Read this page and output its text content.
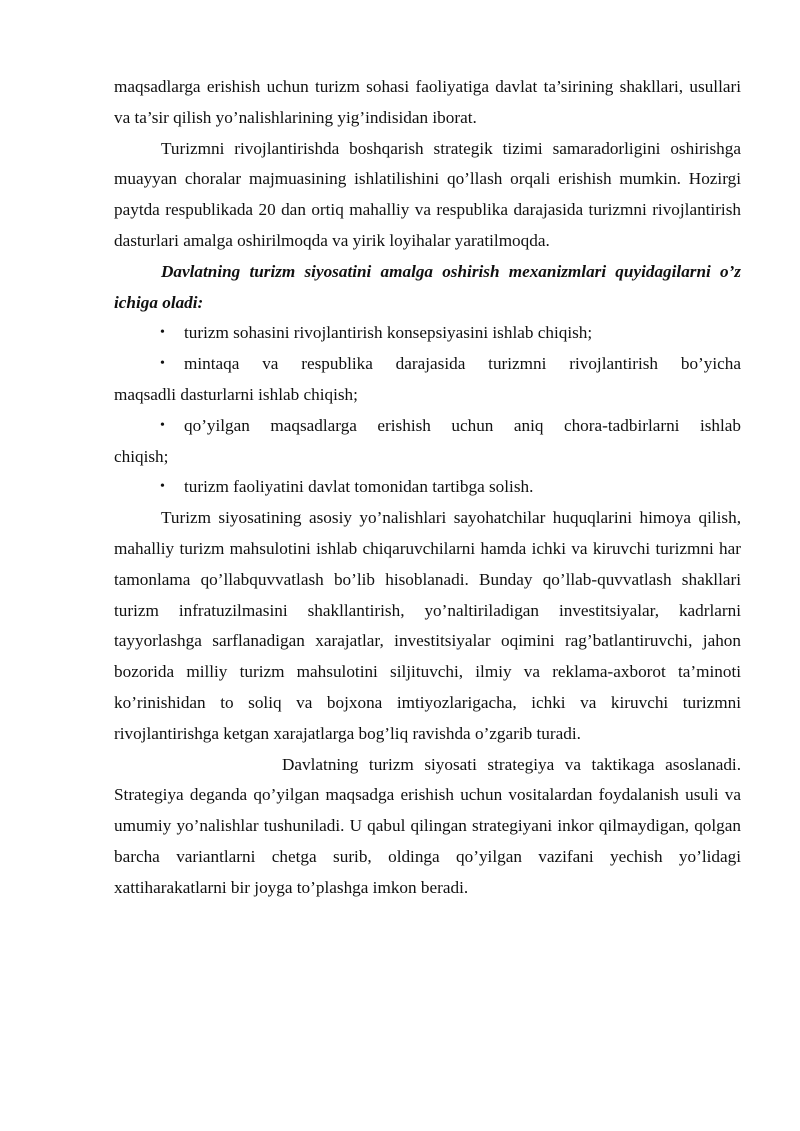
maqsadlarga erishish uchun turizm sohasi faoliyatiga davlat ta’sirining shakllari, usullari va ta’sir qilish yo’nalishlarining yig’indisidan iborat.

Turizmni rivojlantirishda boshqarish strategik tizimi samaradorligini oshirishga muayyan choralar majmuasining ishlatilishini qo’llash orqali erishish mumkin. Hozirgi paytda respublikada 20 dan ortiq mahalliy va respublika darajasida turizmni rivojlantirish dasturlari amalga oshirilmoqda va yirik loyihalar yaratilmoqda.

Davlatning turizm siyosatini amalga oshirish mexanizmlari quyidagilarni o’z ichiga oladi:

• turizm sohasini rivojlantirish konsepsiyasini ishlab chiqish;
• mintaqa va respublika darajasida turizmni rivojlantirish bo’yicha
maqsadli dasturlarni ishlab chiqish;
• qo’yilgan maqsadlarga erishish uchun aniq chora-tadbirlarni ishlab
chiqish;
• turizm faoliyatini davlat tomonidan tartibga solish.

Turizm siyosatining asosiy yo’nalishlari sayohatchilar huquqlarini himoya qilish, mahalliy turizm mahsulotini ishlab chiqaruvchilarni hamda ichki va kiruvchi turizmni har tamonlama qo’llabquvvatlash bo’lib hisoblanadi. Bunday qo’llab-quvvatlash shakllari turizm infratuzilmasini shakllantirish, yo’naltiriladigan investitsiyalar, kadrlarni tayyorlashga sarflanadigan xarajatlar, investitsiyalar oqimini rag’batlantiruvchi, jahon bozorida milliy turizm mahsulotini siljituvchi, ilmiy va reklama-axborot ta’minoti ko’rinishidan to soliq va bojxona imtiyozlarigacha, ichki va kiruvchi turizmni rivojlantirishga ketgan xarajatlarga bog’liq ravishda o’zgarib turadi.

Davlatning turizm siyosati strategiya va taktikaga asoslanadi. Strategiya deganda qo’yilgan maqsadga erishish uchun vositalardan foydalanish usuli va umumiy yo’nalishlar tushuniladi. U qabul qilingan strategiyani inkor qilmaydigan, qolgan barcha variantlarni chetga surib, oldinga qo’yilgan vazifani yechish yo’lidagi xattiharakatlarni bir joyga to’plashga imkon beradi.
